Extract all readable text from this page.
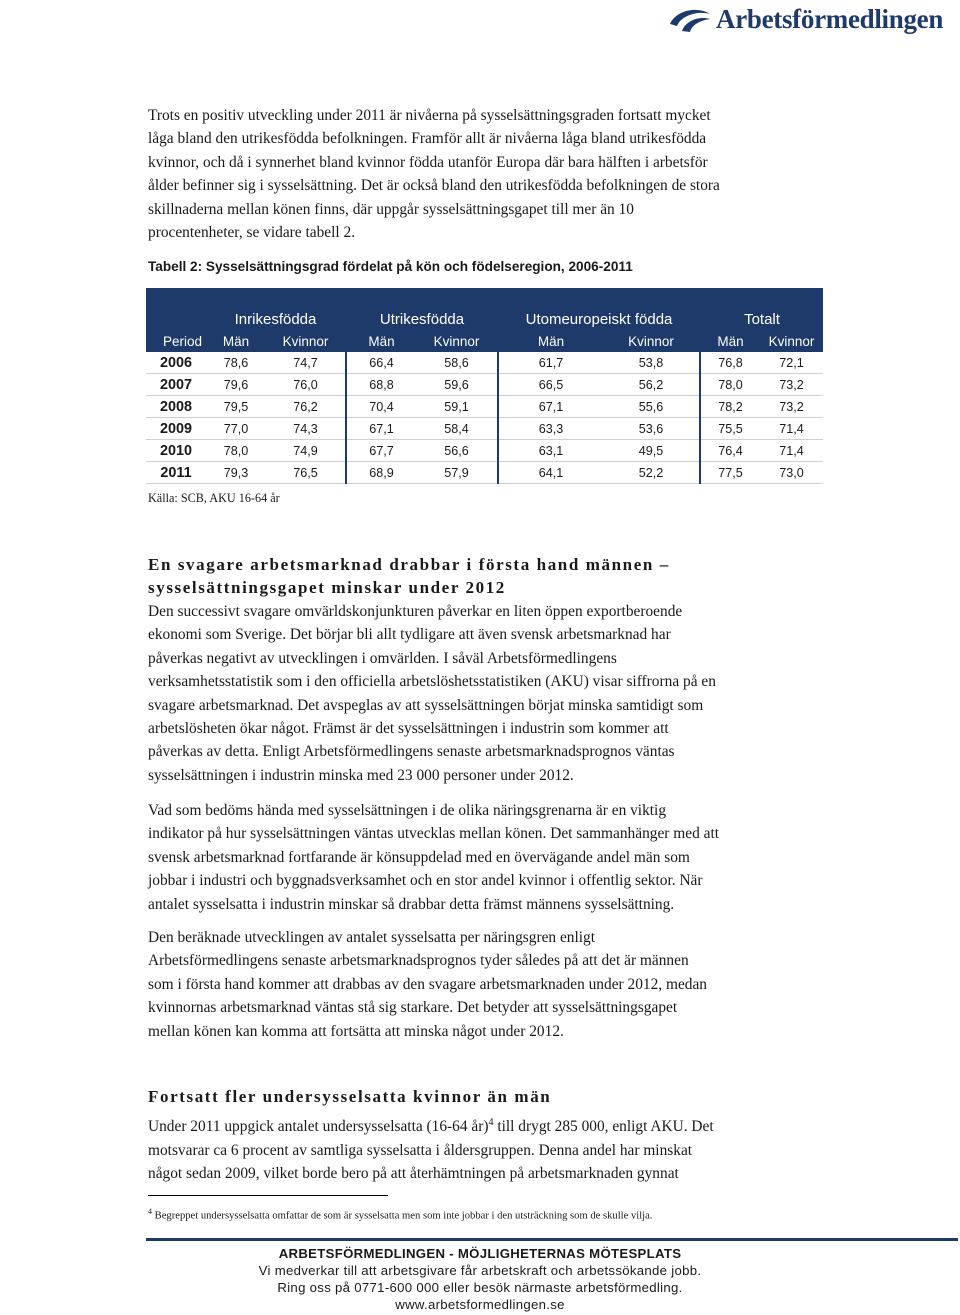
Arbetsförmedlingen

Trots en positiv utveckling under 2011 är nivåerna på sysselsättningsgraden fortsatt mycket
låga bland den utrikesfödda befolkningen. Framför allt är nivåerna låga bland utrikesfödda
kvinnor, och då i synnerhet bland kvinnor födda utanför Europa där bara hälften i arbetsför
ålder befinner sig i sysselsättning. Det är också bland den utrikesfödda befolkningen de stora
skillnaderna mellan könen finns, där uppgår sysselsättningsgapet till mer än 10
procentenheter, se vidare tabell 2.

Tabell 2: Sysselsättningsgrad fördelat på kön och födelseregion, 2006-2011

	Inrikesfödda		Utrikesfödda		Utomeuropeiskt födda		Totalt	
Period	Män	Kvinnor	Män	Kvinnor	Män	Kvinnor	Män	Kvinnor
2006	78,6	74,7	66,4	58,6	61,7	53,8	76,8	72,1
2007	79,6	76,0	68,8	59,6	66,5	56,2	78,0	73,2
2008	79,5	76,2	70,4	59,1	67,1	55,6	78,2	73,2
2009	77,0	74,3	67,1	58,4	63,3	53,6	75,5	71,4
2010	78,0	74,9	67,7	56,6	63,1	49,5	76,4	71,4
2011	79,3	76,5	68,9	57,9	64,1	52,2	77,5	73,0

Källa: SCB, AKU 16-64 år

En svagare arbetsmarknad drabbar i första hand männen –
sysselsättningsgapet minskar under 2012

Den successivt svagare omvärldskonjunkturen påverkar en liten öppen exportberoende
ekonomi som Sverige. Det börjar bli allt tydligare att även svensk arbetsmarknad har
påverkas negativt av utvecklingen i omvärlden. I såväl Arbetsförmedlingens
verksamhetsstatistik som i den officiella arbetslöshetsstatistiken (AKU) visar siffrorna på en
svagare arbetsmarknad. Det avspeglas av att sysselsättningen börjat minska samtidigt som
arbetslösheten ökar något. Främst är det sysselsättningen i industrin som kommer att
påverkas av detta. Enligt Arbetsförmedlingens senaste arbetsmarknadsprognos väntas
sysselsättningen i industrin minska med 23 000 personer under 2012.

Vad som bedöms hända med sysselsättningen i de olika näringsgrenarna är en viktig
indikator på hur sysselsättningen väntas utvecklas mellan könen. Det sammanhänger med att
svensk arbetsmarknad fortfarande är könsuppdelad med en övervägande andel män som
jobbar i industri och byggnadsverksamhet och en stor andel kvinnor i offentlig sektor. När
antalet sysselsatta i industrin minskar så drabbar detta främst männens sysselsättning.

Den beräknade utvecklingen av antalet sysselsatta per näringsgren enligt
Arbetsförmedlingens senaste arbetsmarknadsprognos tyder således på att det är männen
som i första hand kommer att drabbas av den svagare arbetsmarknaden under 2012, medan
kvinnornas arbetsmarknad väntas stå sig starkare. Det betyder att sysselsättningsgapet
mellan könen kan komma att fortsätta att minska något under 2012.

Fortsatt fler undersysselsatta kvinnor än män

Under 2011 uppgick antalet undersysselsatta (16-64 år)$^4$ till drygt 285 000, enligt AKU. Det
motsvarar ca 6 procent av samtliga sysselsatta i åldersgruppen. Denna andel har minskat
något sedan 2009, vilket borde bero på att återhämtningen på arbetsmarknaden gynnat

$^4$ Begreppet undersysselsatta omfattar de som är sysselsatta men som inte jobbar i den utsträckning som de skulle vilja.

ARBETSFÖRMEDLINGEN - MÖJLIGHETERNAS MÖTESPLATS

Vi medverkar till att arbetsgivare får arbetskraft och arbetssökande jobb.

Ring oss på 0771-600 000 eller besök närmaste arbetsförmedling.

www.arbetsformedlingen.se
